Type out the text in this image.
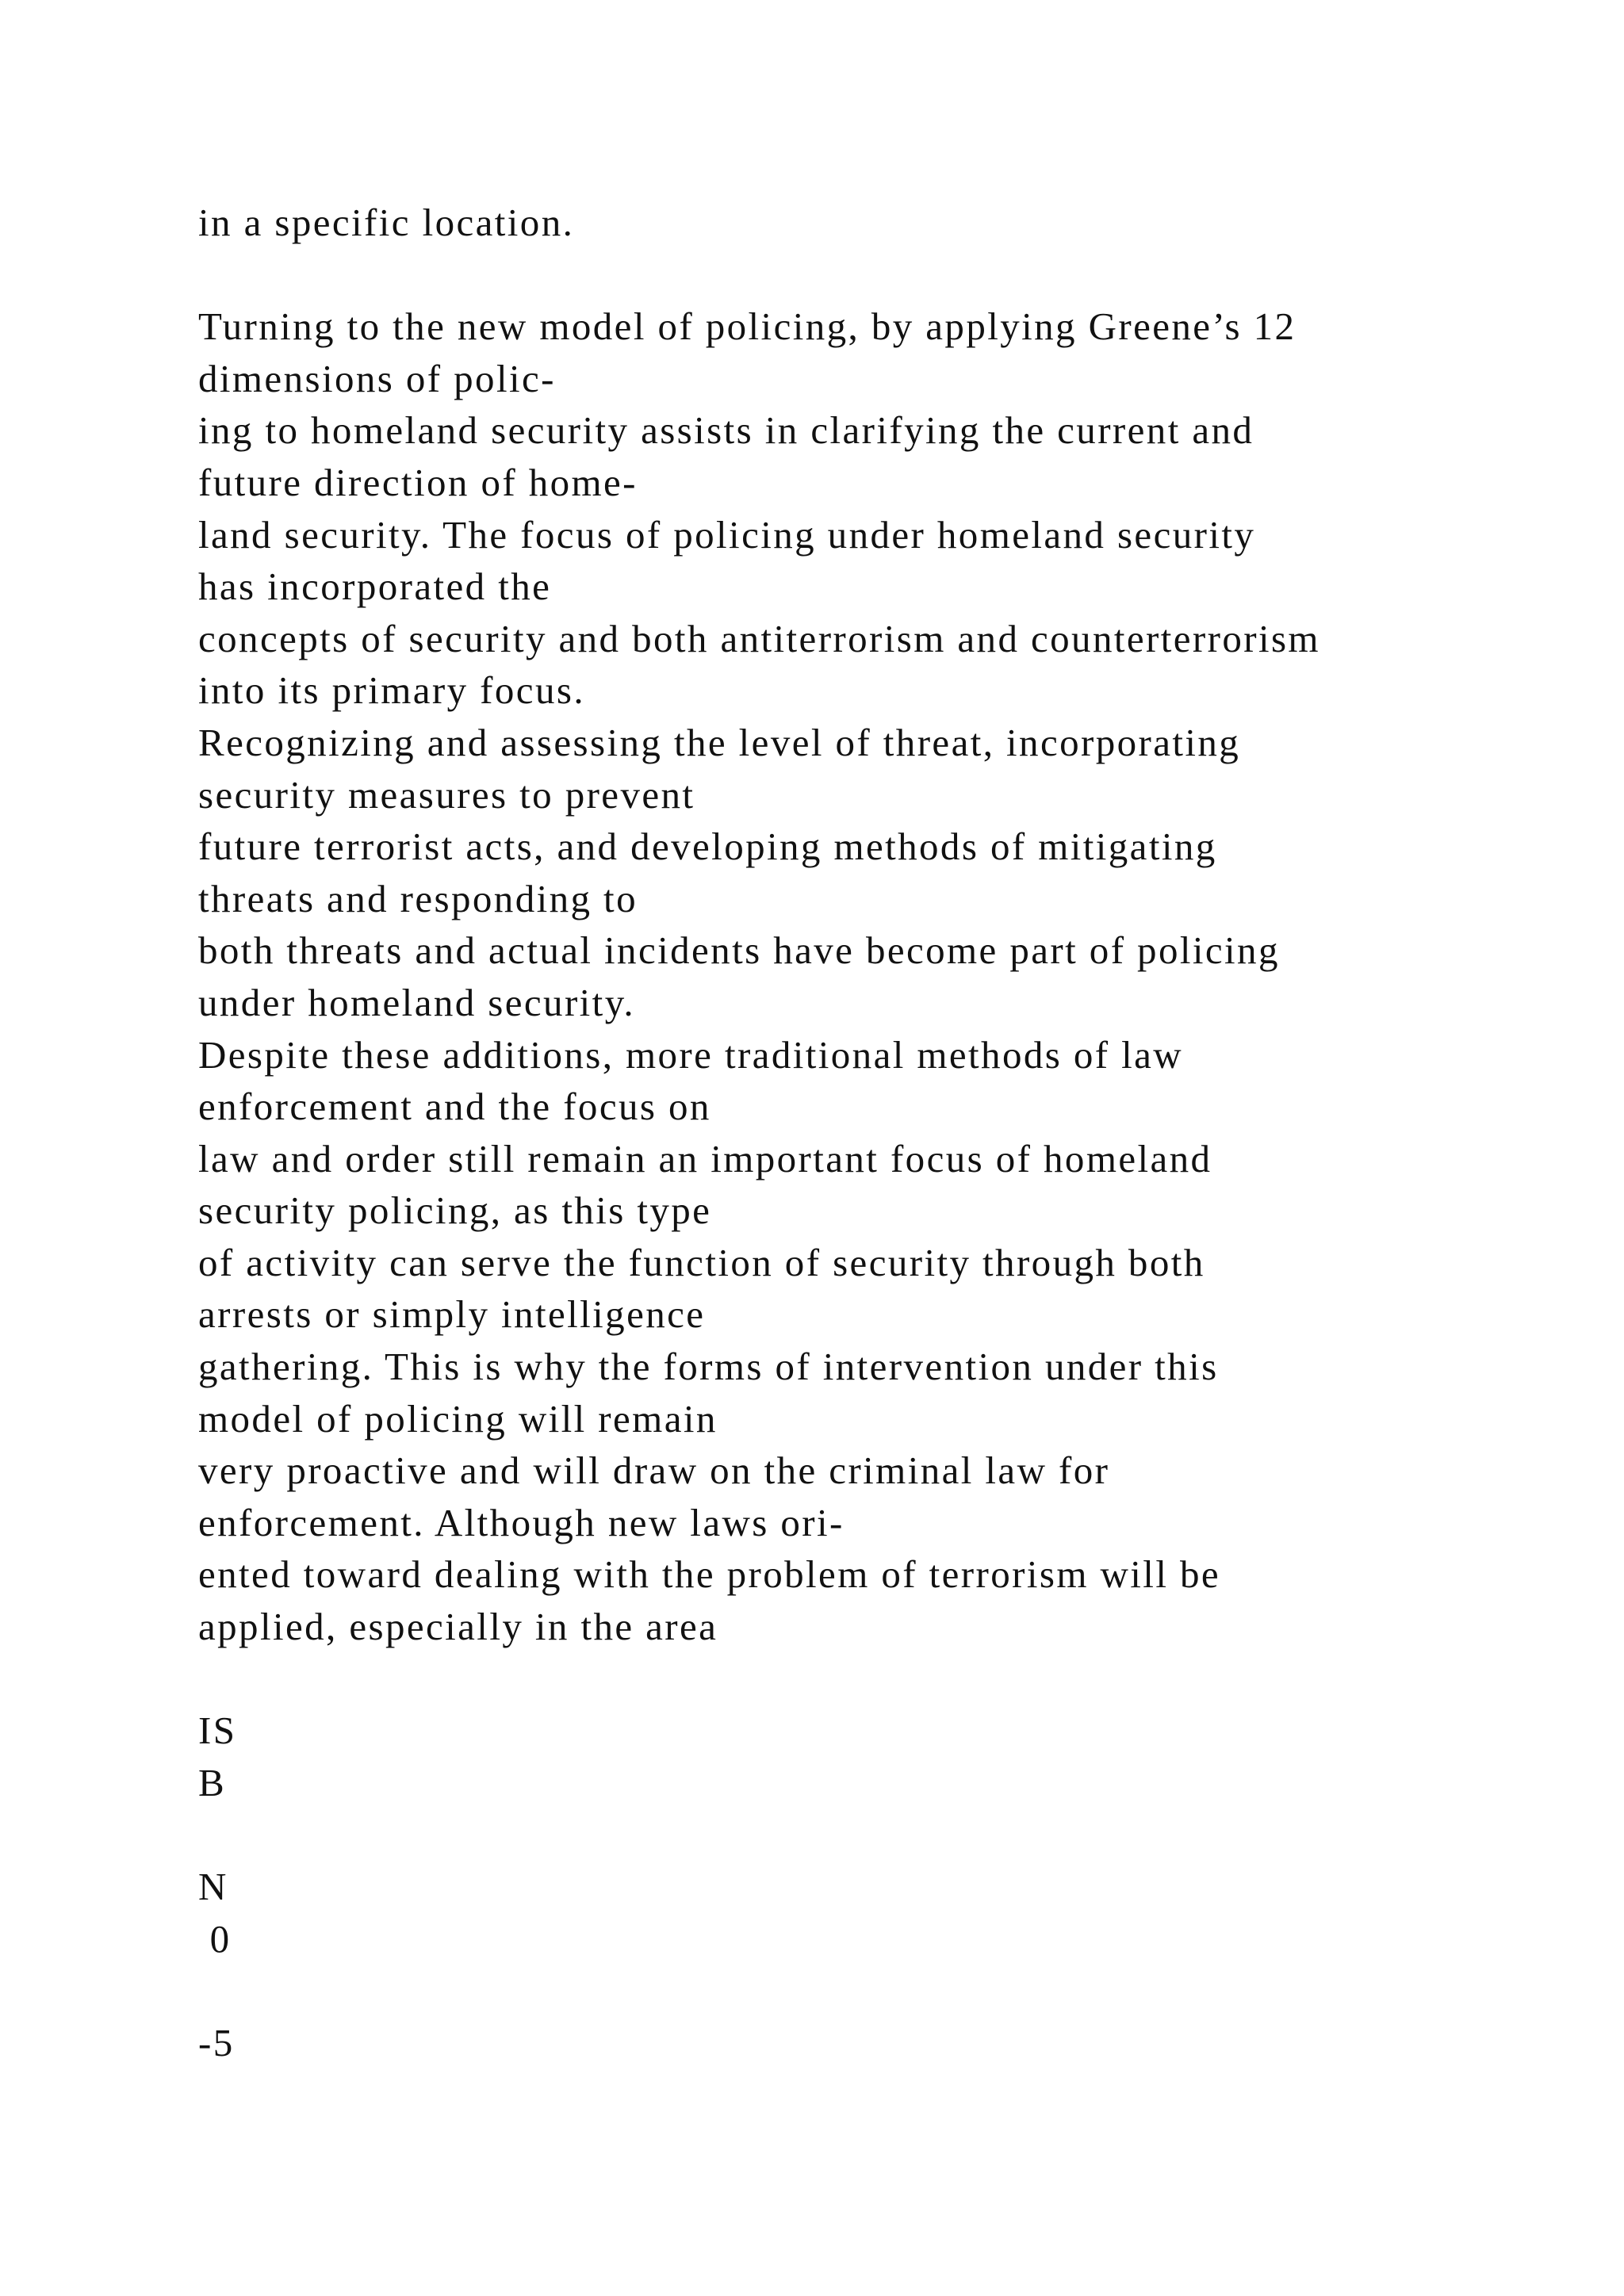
in a specific location.
Turning to the new model of policing, by applying Greene’s 12
dimensions of polic-
ing to homeland security assists in clarifying the current and
future direction of home-
land security. The focus of policing under homeland security
has incorporated the
concepts of security and both antiterrorism and counterterrorism
into its primary focus.
Recognizing and assessing the level of threat, incorporating
security measures to prevent
future terrorist acts, and developing methods of mitigating
threats and responding to
both threats and actual incidents have become part of policing
under homeland security.
Despite these additions, more traditional methods of law
enforcement and the focus on
law and order still remain an important focus of homeland
security policing, as this type
of activity can serve the function of security through both
arrests or simply intelligence
gathering. This is why the forms of intervention under this
model of policing will remain
very proactive and will draw on the criminal law for
enforcement. Although new laws ori-
ented toward dealing with the problem of terrorism will be
applied, especially in the area
IS
B
N
0
-5
